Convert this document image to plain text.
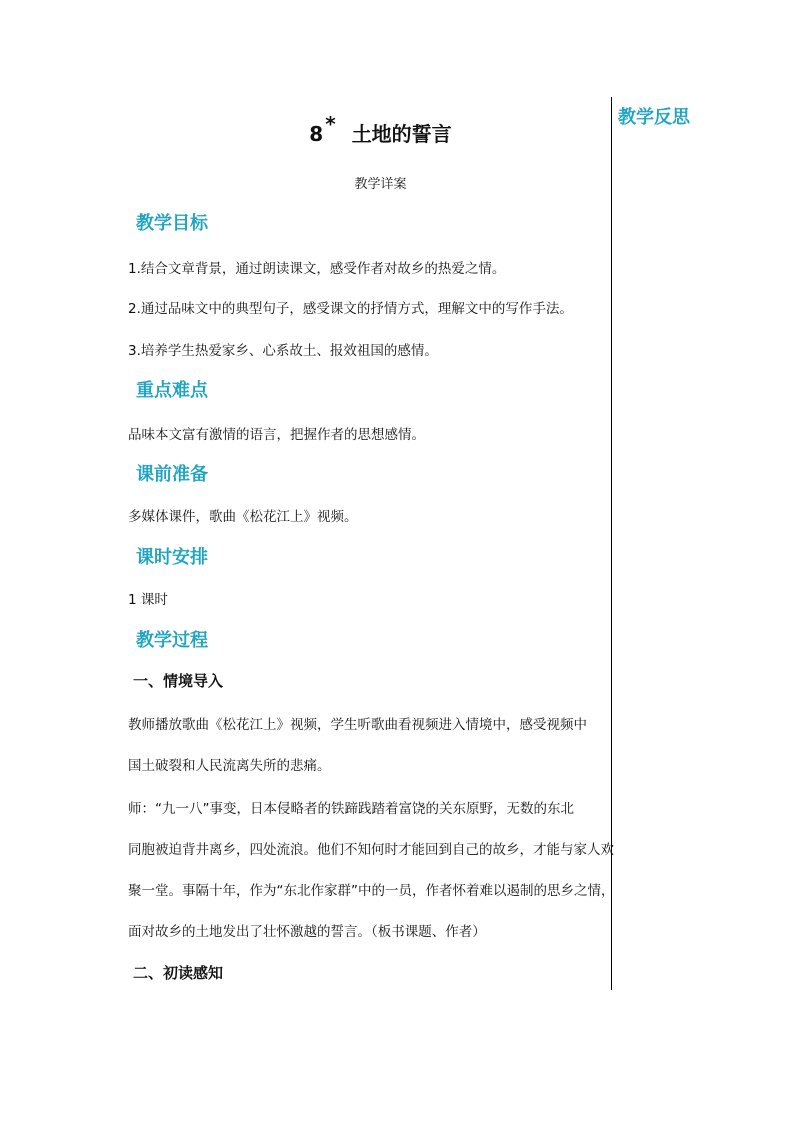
教学反思
8 * 土地的誓言
教学详案
教学目标
1.结合文章背景，通过朗读课文，感受作者对故乡的热爱之情。
2.通过品味文中的典型句子，感受课文的抒情方式，理解文中的写作手法。
3.培养学生热爱家乡、心系故土、报效祖国的感情。
重点难点
品味本文富有激情的语言，把握作者的思想感情。
课前准备
多媒体课件，歌曲《松花江上》视频。
课时安排
1 课时
教学过程
一、情境导入
教师播放歌曲《松花江上》视频，学生听歌曲看视频进入情境中，感受视频中
国土破裂和人民流离失所的悲痛。
师：“九一八”事变，日本侵略者的铁蹄践踏着富饶的关东原野，无数的东北
同胞被迫背井离乡，四处流浪。他们不知何时才能回到自己的故乡，才能与家人欢
聚一堂。事隔十年，作为“东北作家群”中的一员，作者怀着难以遏制的思乡之情，
面对故乡的土地发出了壮怀激越的誓言。（板书课题、作者）
二、初读感知
